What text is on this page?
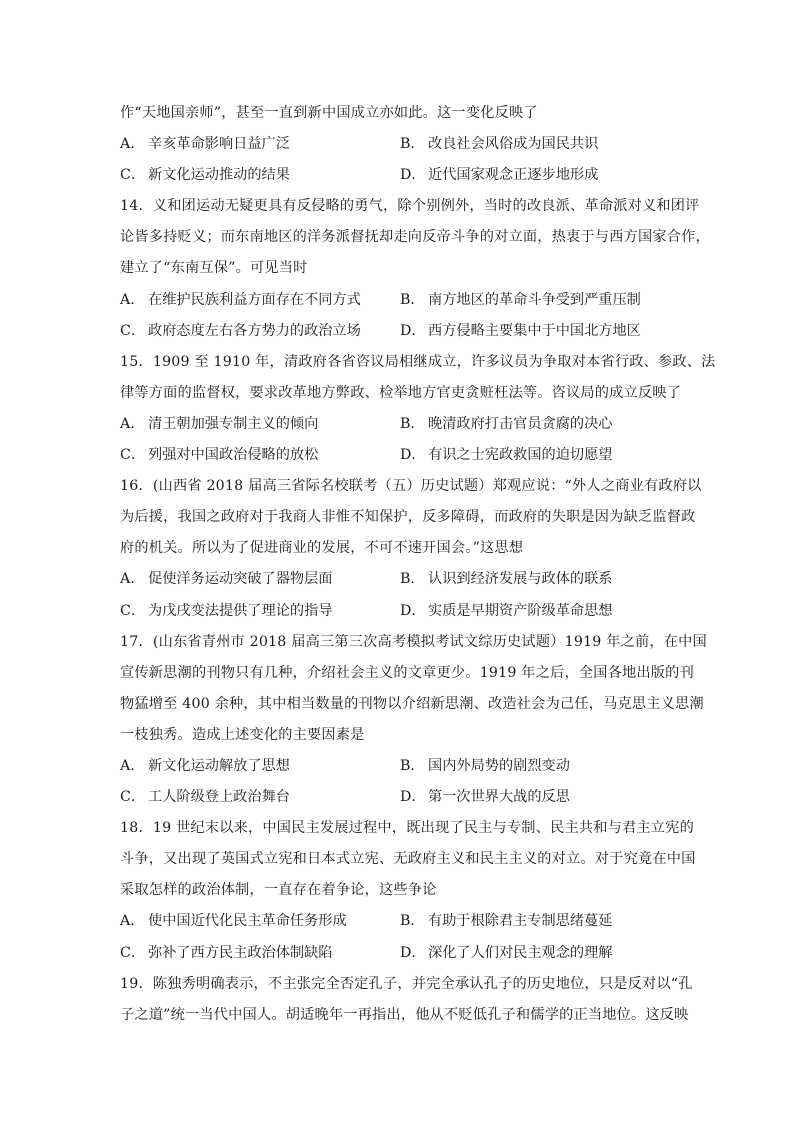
作“天地国亲师”，甚至一直到新中国成立亦如此。这一变化反映了
A． 辛亥革命影响日益广泛	B． 改良社会风俗成为国民共识
C． 新文化运动推动的结果	D． 近代国家观念正逐步地形成
14．义和团运动无疑更具有反侵略的勇气，除个别例外，当时的改良派、革命派对义和团评
论皆多持贬义；而东南地区的洋务派督抚却走向反帝斗争的对立面，热衷于与西方国家合作，
建立了“东南互保”。可见当时
A． 在维护民族利益方面存在不同方式	B． 南方地区的革命斗争受到严重压制
C． 政府态度左右各方势力的政治立场	D． 西方侵略主要集中于中国北方地区
15．1909 至 1910 年，清政府各省咨议局相继成立，许多议员为争取对本省行政、参政、法
律等方面的监督权，要求改革地方弊政、检举地方官吏贪赃枉法等。咨议局的成立反映了
A． 清王朝加强专制主义的倾向	B． 晚清政府打击官员贪腐的决心
C． 列强对中国政治侵略的放松	D． 有识之士宪政救国的迫切愿望
16．(山西省 2018 届高三省际名校联考（五）历史试题）郑观应说：“外人之商业有政府以
为后援，我国之政府对于我商人非惟不知保护，反多障碍，而政府的失职是因为缺乏监督政
府的机关。所以为了促进商业的发展，不可不速开国会。”这思想
A． 促使洋务运动突破了器物层面	B． 认识到经济发展与政体的联系
C． 为戊戌变法提供了理论的指导	D． 实质是早期资产阶级革命思想
17．(山东省青州市 2018 届高三第三次高考模拟考试文综历史试题）1919 年之前，在中国
宣传新思潮的刊物只有几种，介绍社会主义的文章更少。1919 年之后，全国各地出版的刊
物猛增至 400 余种，其中相当数量的刊物以介绍新思潮、改造社会为己任，马克思主义思潮
一枝独秀。造成上述变化的主要因素是
A． 新文化运动解放了思想	B． 国内外局势的剧烈变动
C． 工人阶级登上政治舞台	D． 第一次世界大战的反思
18．19 世纪末以来，中国民主发展过程中，既出现了民主与专制、民主共和与君主立宪的
斗争，又出现了英国式立宪和日本式立宪、无政府主义和民主主义的对立。对于究竟在中国
采取怎样的政治体制，一直存在着争论，这些争论
A． 使中国近代化民主革命任务形成	B． 有助于根除君主专制思绪蔓延
C． 弥补了西方民主政治体制缺陷	D． 深化了人们对民主观念的理解
19．陈独秀明确表示，不主张完全否定孔子，并完全承认孔子的历史地位，只是反对以“孔
子之道”统一当代中国人。胡适晚年一再指出，他从不贬低孔子和儒学的正当地位。这反映
